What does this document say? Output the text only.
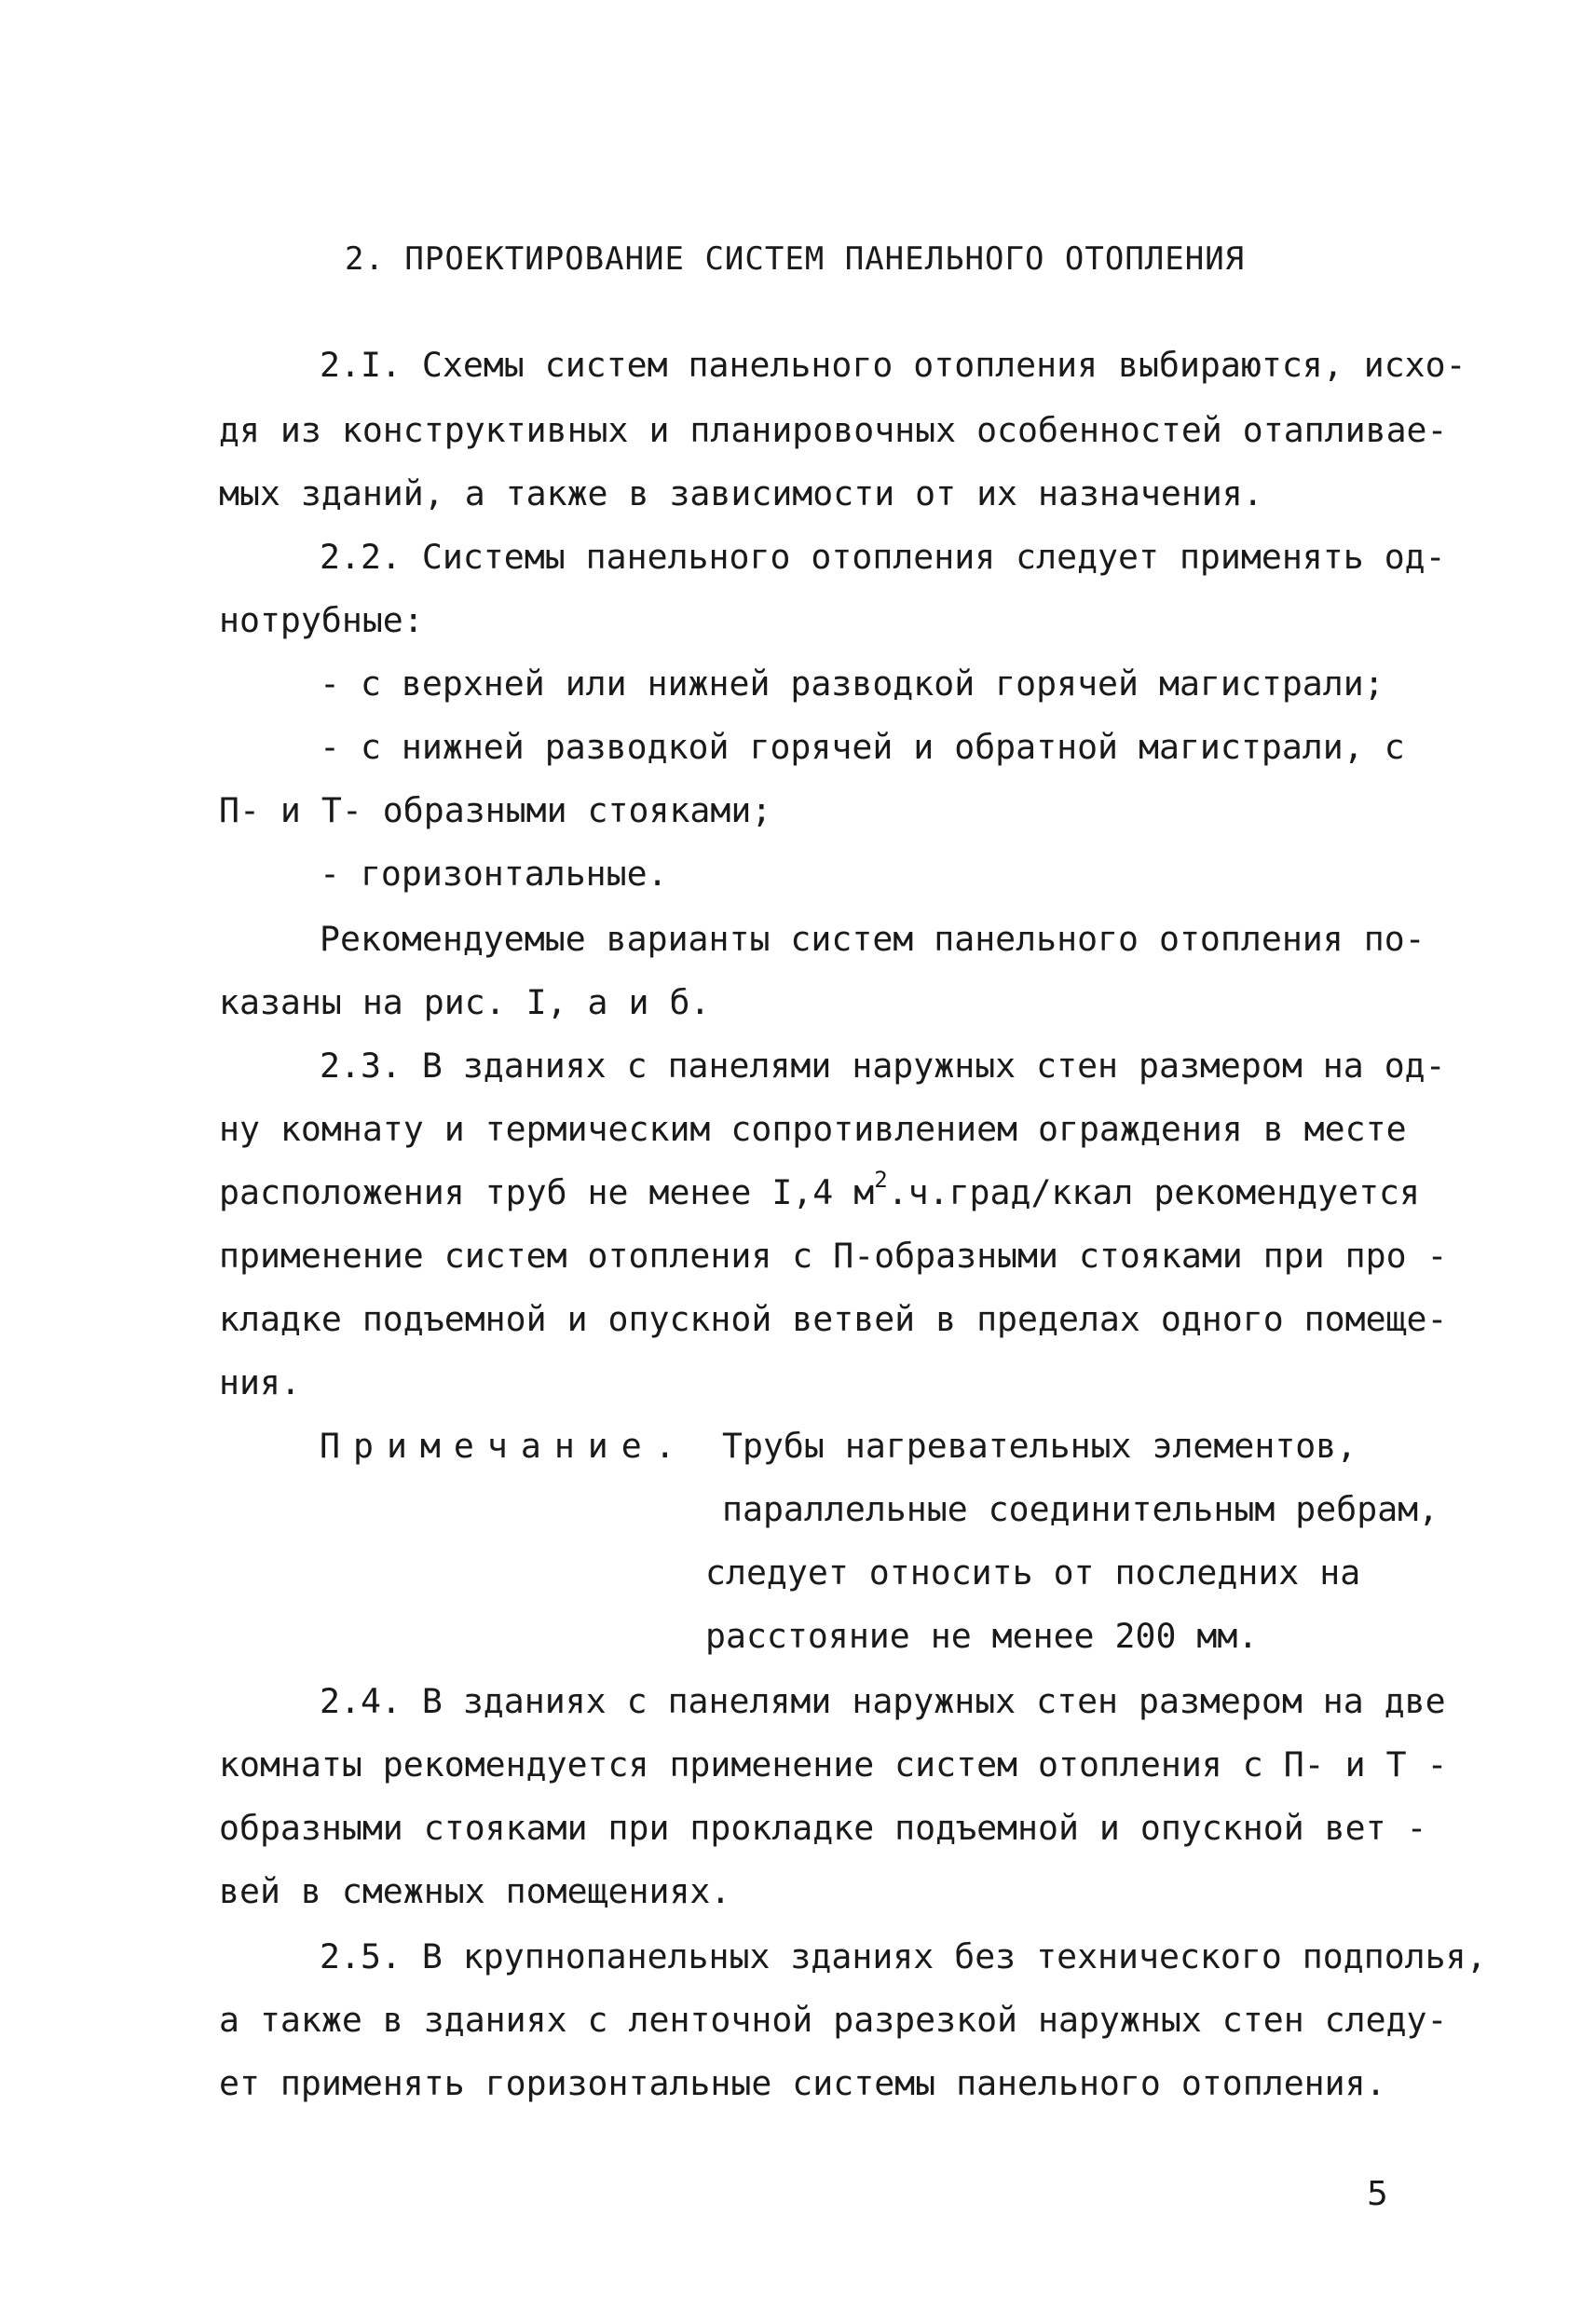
2. ПРОЕКТИРОВАНИЕ СИСТЕМ ПАНЕЛЬНОГО ОТОПЛЕНИЯ
2.I. Схемы систем панельного отопления выбираются, исхо-
дя из конструктивных и планировочных особенностей отапливае-
мых зданий, а также в зависимости от их назначения.
2.2. Системы панельного отопления следует применять од-
нотрубные:
- с верхней или нижней разводкой горячей магистрали;
- с нижней разводкой горячей и обратной магистрали, с
П- и Т- образными стояками;
- горизонтальные.
Рекомендуемые варианты систем панельного отопления по-
казаны на рис. I, а и б.
2.3. В зданиях с панелями наружных стен размером на од-
ну комнату и термическим сопротивлением ограждения в месте
расположения труб не менее I,4 $м^2.ч.град$/ккал рекомендуется
применение систем отопления с П-образными стояками при про -
кладке подъемной и опускной ветвей в пределах одного помеще-
ния.
Примечание. Трубы нагревательных элементов,
параллельные соединительным ребрам,
следует относить от последних на
расстояние не менее 200 мм.
2.4. В зданиях с панелями наружных стен размером на две
комнаты рекомендуется применение систем отопления с П- и Т -
образными стояками при прокладке подъемной и опускной вет -
вей в смежных помещениях.
2.5. В крупнопанельных зданиях без технического подполья,
а также в зданиях с ленточной разрезкой наружных стен следу-
ет применять горизонтальные системы панельного отопления.
5
